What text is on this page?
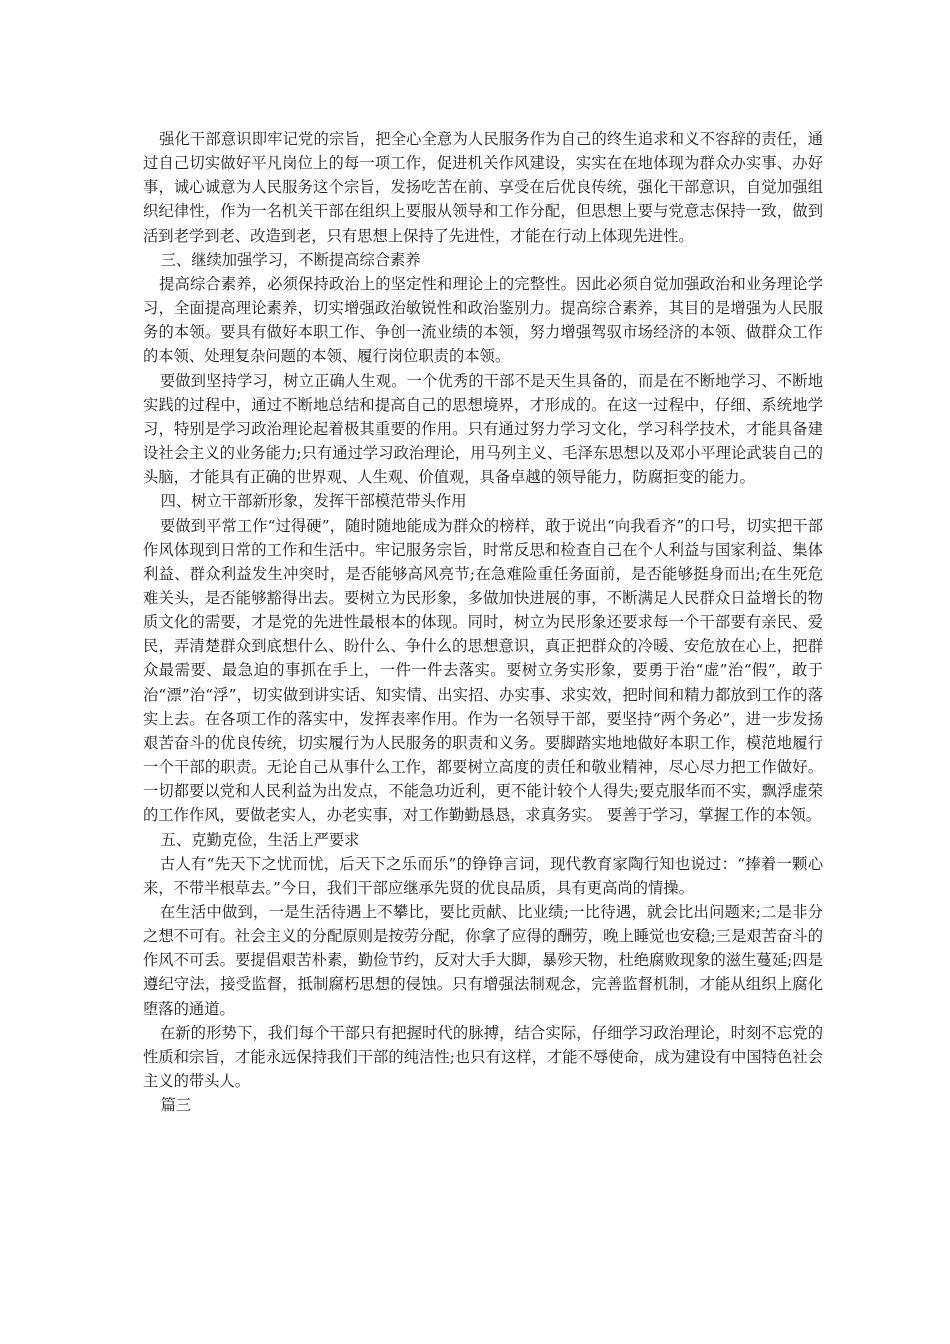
强化干部意识即牢记党的宗旨，把全心全意为人民服务作为自己的终生追求和义不容辞的责任，通过自己切实做好平凡岗位上的每一项工作，促进机关作风建设，实实在在地体现为群众办实事、办好事，诚心诚意为人民服务这个宗旨，发扬吃苦在前、享受在后优良传统，强化干部意识，自觉加强组织纪律性，作为一名机关干部在组织上要服从领导和工作分配，但思想上要与党意志保持一致，做到活到老学到老、改造到老，只有思想上保持了先进性，才能在行动上体现先进性。

三、继续加强学习，不断提高综合素养

提高综合素养，必须保持政治上的坚定性和理论上的完整性。因此必须自觉加强政治和业务理论学习，全面提高理论素养，切实增强政治敏锐性和政治鉴别力。提高综合素养，其目的是增强为人民服务的本领。要具有做好本职工作、争创一流业绩的本领，努力增强驾驭市场经济的本领、做群众工作的本领、处理复杂问题的本领、履行岗位职责的本领。

要做到坚持学习，树立正确人生观。一个优秀的干部不是天生具备的，而是在不断地学习、不断地实践的过程中，通过不断地总结和提高自己的思想境界，才形成的。在这一过程中，仔细、系统地学习，特别是学习政治理论起着极其重要的作用。只有通过努力学习文化，学习科学技术，才能具备建设社会主义的业务能力;只有通过学习政治理论，用马列主义、毛泽东思想以及邓小平理论武装自己的头脑，才能具有正确的世界观、人生观、价值观，具备卓越的领导能力，防腐拒变的能力。

四、树立干部新形象，发挥干部模范带头作用

要做到平常工作“过得硬”，随时随地能成为群众的榜样，敢于说出“向我看齐”的口号，切实把干部作风体现到日常的工作和生活中。牢记服务宗旨，时常反思和检查自己在个人利益与国家利益、集体利益、群众利益发生冲突时，是否能够高风亮节;在急难险重任务面前，是否能够挺身而出;在生死危难关头，是否能够豁得出去。要树立为民形象，多做加快进展的事，不断满足人民群众日益增长的物质文化的需要，才是党的先进性最根本的体现。同时，树立为民形象还要求每一个干部要有亲民、爱民，弄清楚群众到底想什么、盼什么、争什么的思想意识，真正把群众的冷暖、安危放在心上，把群众最需要、最急迫的事抓在手上，一件一件去落实。要树立务实形象，要勇于治“虚”治“假”，敢于治“漂”治“浮”，切实做到讲实话、知实情、出实招、办实事、求实效，把时间和精力都放到工作的落实上去。在各项工作的落实中，发挥表率作用。作为一名领导干部，要坚持“两个务必”，进一步发扬艰苦奋斗的优良传统，切实履行为人民服务的职责和义务。要脚踏实地地做好本职工作，模范地履行一个干部的职责。无论自己从事什么工作，都要树立高度的责任和敬业精神，尽心尽力把工作做好。一切都要以党和人民利益为出发点，不能急功近利，更不能计较个人得失;要克服华而不实，飘浮虚荣的工作作风，要做老实人，办老实事，对工作勤勤恳恳，求真务实。 要善于学习，掌握工作的本领。

五、克勤克俭，生活上严要求

古人有“先天下之忧而忧，后天下之乐而乐”的铮铮言词，现代教育家陶行知也说过：“捧着一颗心来，不带半根草去。”今日，我们干部应继承先贤的优良品质，具有更高尚的情操。

在生活中做到，一是生活待遇上不攀比，要比贡献、比业绩;一比待遇，就会比出问题来;二是非分之想不可有。社会主义的分配原则是按劳分配，你拿了应得的酬劳，晚上睡觉也安稳;三是艰苦奋斗的作风不可丢。要提倡艰苦朴素，勤俭节约，反对大手大脚，暴殄天物，杜绝腐败现象的滋生蔓延;四是遵纪守法，接受监督，抵制腐朽思想的侵蚀。只有增强法制观念，完善监督机制，才能从组织上腐化堕落的通道。

在新的形势下，我们每个干部只有把握时代的脉搏，结合实际，仔细学习政治理论，时刻不忘党的性质和宗旨，才能永远保持我们干部的纯洁性;也只有这样，才能不辱使命，成为建设有中国特色社会主义的带头人。

篇三
